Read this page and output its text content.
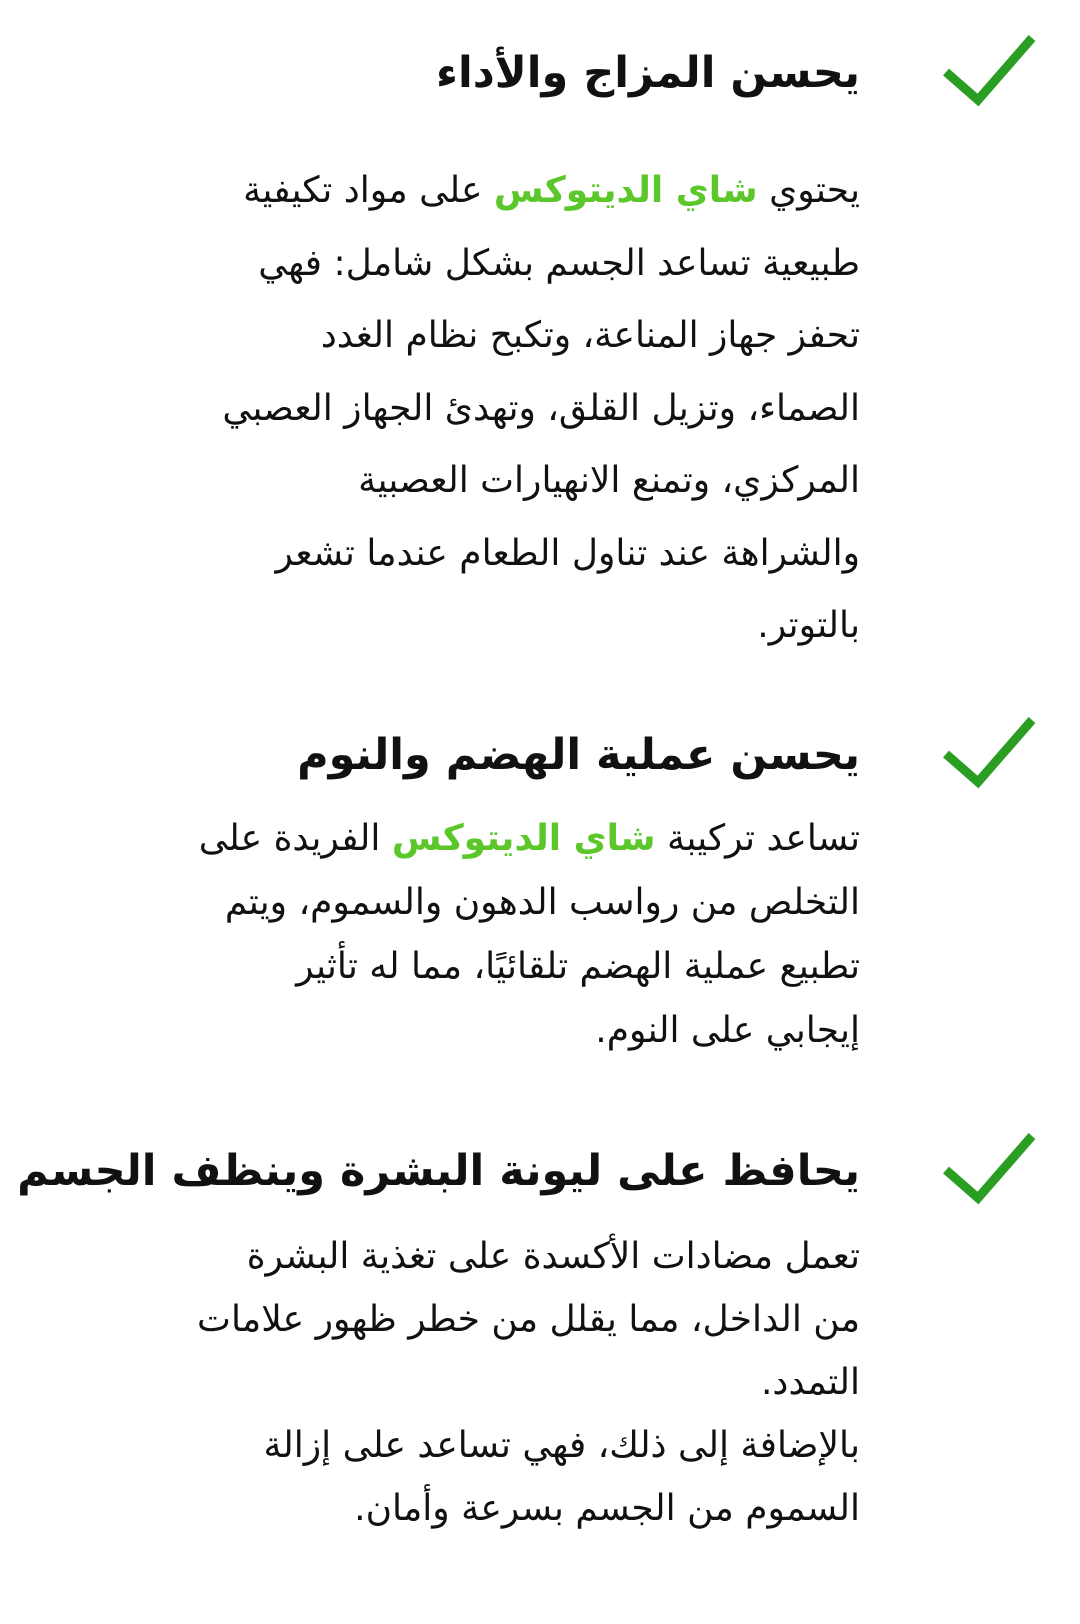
يحسن المزاج والأداء
يحتوي شاي الديتوكس على مواد تكيفية
طبيعية تساعد الجسم بشكل شامل: فهي
تحفز جهاز المناعة، وتكبح نظام الغدد
الصماء، وتزيل القلق، وتهدئ الجهاز العصبي
المركزي، وتمنع الانهيارات العصبية
والشراهة عند تناول الطعام عندما تشعر
بالتوتر.
يحسن عملية الهضم والنوم
تساعد تركيبة شاي الديتوكس الفريدة على
التخلص من رواسب الدهون والسموم، ويتم
تطبيع عملية الهضم تلقائيًا، مما له تأثير
إيجابي على النوم.
يحافظ على ليونة البشرة وينظف الجسم
تعمل مضادات الأكسدة على تغذية البشرة
من الداخل، مما يقلل من خطر ظهور علامات
التمدد.
بالإضافة إلى ذلك، فهي تساعد على إزالة
السموم من الجسم بسرعة وأمان.
